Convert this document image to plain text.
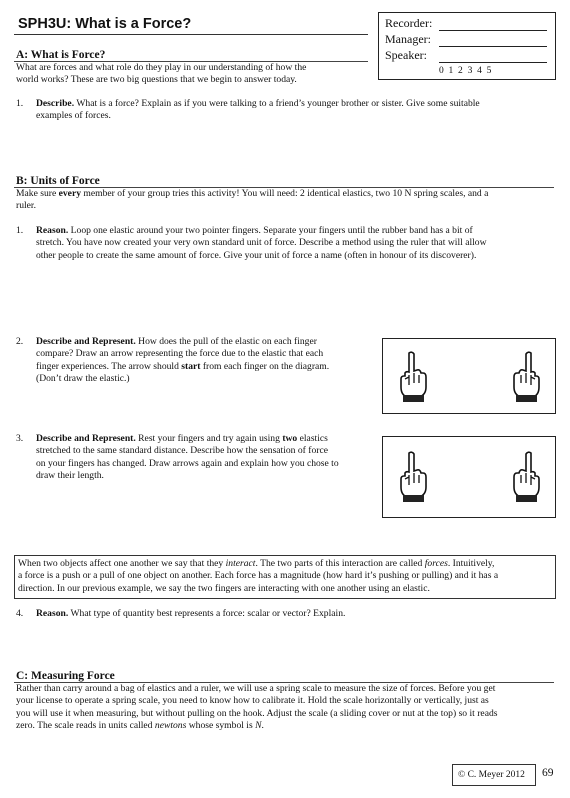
SPH3U: What is a Force?	Recorder:
Manager:
Speaker:
0 1 2 3 4 5
A: What is Force?
What are forces and what role do they play in our understanding of how the
world works? These are two big questions that we begin to answer today.
1. Describe. What is a force? Explain as if you were talking to a friend’s younger brother or sister. Give some suitable
examples of forces.
B: Units of Force
Make sure every member of your group tries this activity! You will need: 2 identical elastics, two 10 N spring scales, and a
ruler.
1. Reason. Loop one elastic around your two pointer fingers. Separate your fingers until the rubber band has a bit of
stretch. You have now created your very own standard unit of force. Describe a method using the ruler that will allow
other people to create the same amount of force. Give your unit of force a name (often in honour of its discoverer).
2. Describe and Represent. How does the pull of the elastic on each finger
compare? Draw an arrow representing the force due to the elastic that each
finger experiences. The arrow should start from each finger on the diagram.
(Don’t draw the elastic.)
3. Describe and Represent. Rest your fingers and try again using two elastics
stretched to the same standard distance. Describe how the sensation of force
on your fingers has changed. Draw arrows again and explain how you chose to
draw their length.
When two objects affect one another we say that they interact. The two parts of this interaction are called forces. Intuitively,
a force is a push or a pull of one object on another. Each force has a magnitude (how hard it’s pushing or pulling) and it has a
direction. In our previous example, we say the two fingers are interacting with one another using an elastic.
4. Reason. What type of quantity best represents a force: scalar or vector? Explain.
C: Measuring Force
Rather than carry around a bag of elastics and a ruler, we will use a spring scale to measure the size of forces. Before you get
your license to operate a spring scale, you need to know how to calibrate it. Hold the scale horizontally or vertically, just as
you will use it when measuring, but without pulling on the hook. Adjust the scale (a sliding cover or nut at the top) so it reads
zero. The scale reads in units called newtons whose symbol is N.
© C. Meyer 2012 69
